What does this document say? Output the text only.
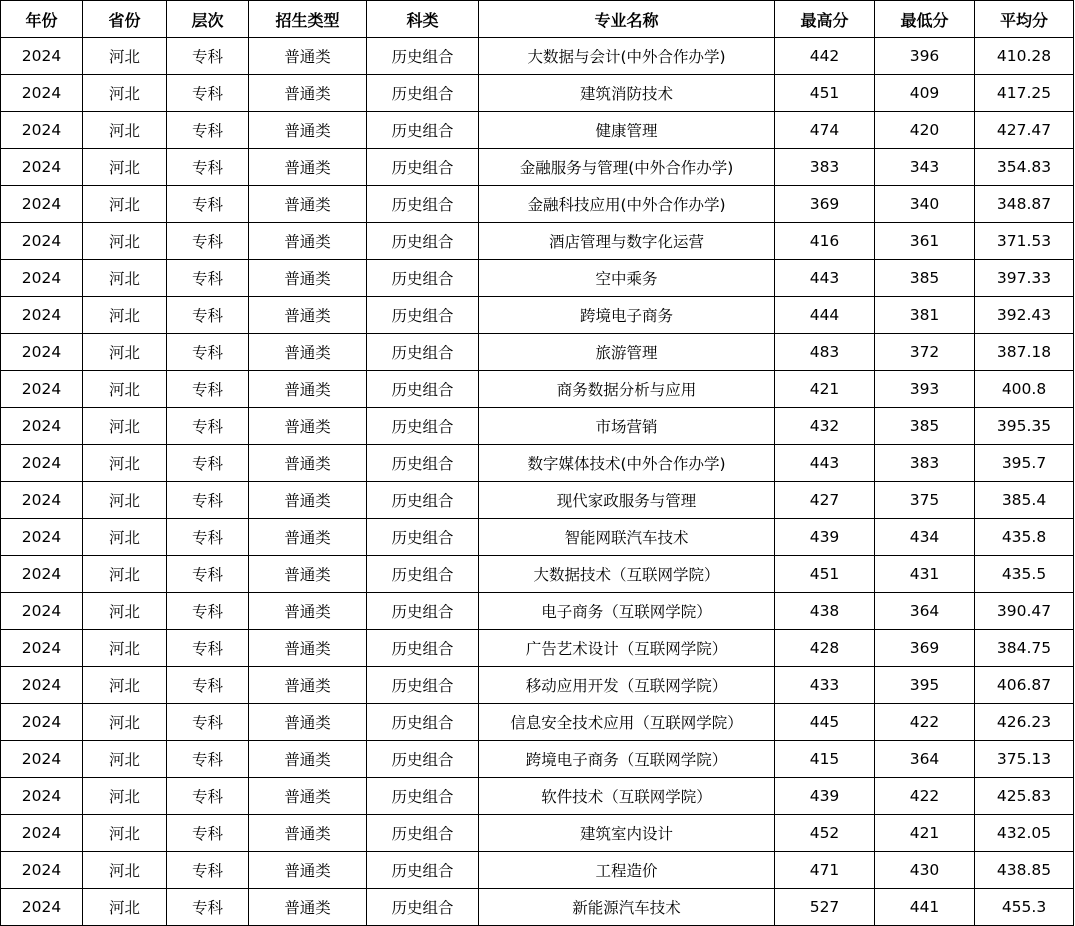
年份	省份	层次	招生类型	科类	专业名称	最高分	最低分	平均分
2024	河北	专科	普通类	历史组合	大数据与会计(中外合作办学)	442	396	410.28
2024	河北	专科	普通类	历史组合	建筑消防技术	451	409	417.25
2024	河北	专科	普通类	历史组合	健康管理	474	420	427.47
2024	河北	专科	普通类	历史组合	金融服务与管理(中外合作办学)	383	343	354.83
2024	河北	专科	普通类	历史组合	金融科技应用(中外合作办学)	369	340	348.87
2024	河北	专科	普通类	历史组合	酒店管理与数字化运营	416	361	371.53
2024	河北	专科	普通类	历史组合	空中乘务	443	385	397.33
2024	河北	专科	普通类	历史组合	跨境电子商务	444	381	392.43
2024	河北	专科	普通类	历史组合	旅游管理	483	372	387.18
2024	河北	专科	普通类	历史组合	商务数据分析与应用	421	393	400.8
2024	河北	专科	普通类	历史组合	市场营销	432	385	395.35
2024	河北	专科	普通类	历史组合	数字媒体技术(中外合作办学)	443	383	395.7
2024	河北	专科	普通类	历史组合	现代家政服务与管理	427	375	385.4
2024	河北	专科	普通类	历史组合	智能网联汽车技术	439	434	435.8
2024	河北	专科	普通类	历史组合	大数据技术（互联网学院）	451	431	435.5
2024	河北	专科	普通类	历史组合	电子商务（互联网学院）	438	364	390.47
2024	河北	专科	普通类	历史组合	广告艺术设计（互联网学院）	428	369	384.75
2024	河北	专科	普通类	历史组合	移动应用开发（互联网学院）	433	395	406.87
2024	河北	专科	普通类	历史组合	信息安全技术应用（互联网学院）	445	422	426.23
2024	河北	专科	普通类	历史组合	跨境电子商务（互联网学院）	415	364	375.13
2024	河北	专科	普通类	历史组合	软件技术（互联网学院）	439	422	425.83
2024	河北	专科	普通类	历史组合	建筑室内设计	452	421	432.05
2024	河北	专科	普通类	历史组合	工程造价	471	430	438.85
2024	河北	专科	普通类	历史组合	新能源汽车技术	527	441	455.3
